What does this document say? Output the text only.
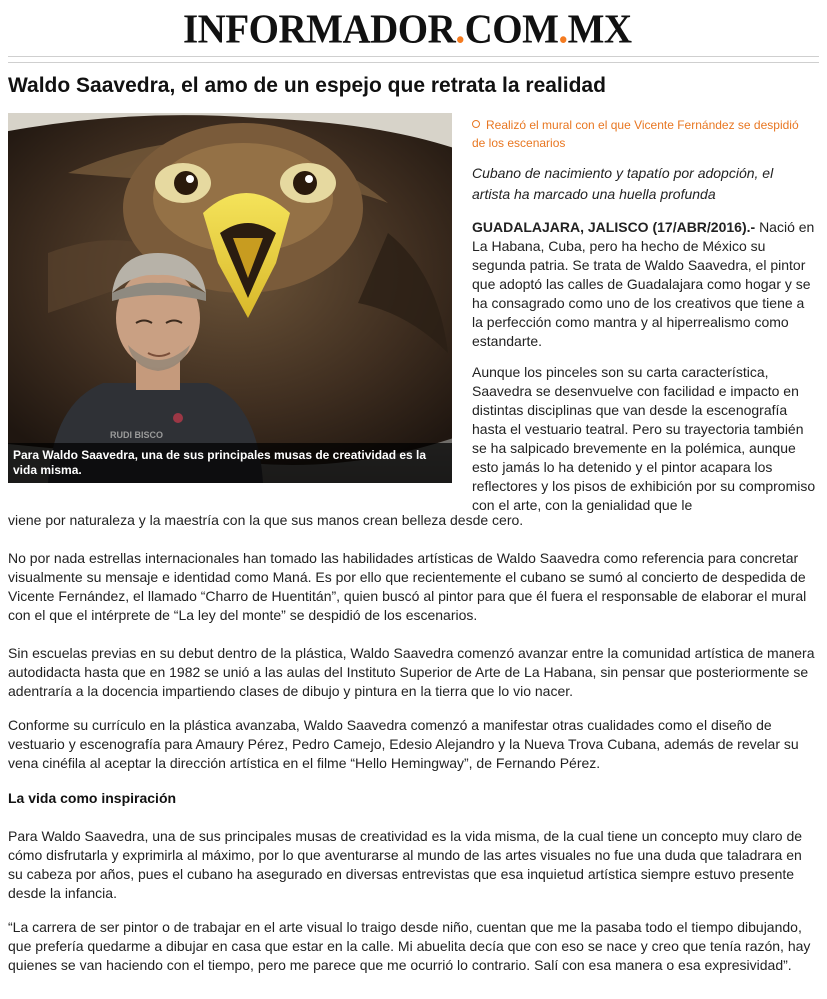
INFORMADOR.COM.MX
Waldo Saavedra, el amo de un espejo que retrata la realidad
RUDI BISCO
Para Waldo Saavedra, una de sus principales musas de creatividad es la vida misma.
Realizó el mural con el que Vicente Fernández se despidió de los escenarios

Cubano de nacimiento y tapatío por adopción, el artista ha marcado una huella profunda

GUADALAJARA, JALISCO (17/ABR/2016).- Nació en La Habana, Cuba, pero ha hecho de México su segunda patria. Se trata de Waldo Saavedra, el pintor que adoptó las calles de Guadalajara como hogar y se ha consagrado como uno de los creativos que tiene a la perfección como mantra y al hiperrealismo como estandarte.

Aunque los pinceles son su carta característica, Saavedra se desenvuelve con facilidad e impacto en distintas disciplinas que van desde la escenografía hasta el vestuario teatral. Pero su trayectoria también se ha salpicado brevemente en la polémica, aunque esto jamás lo ha detenido y el pintor acapara los reflectores y los pisos de exhibición por su compromiso con el arte, con la genialidad que le

viene por naturaleza y la maestría con la que sus manos crean belleza desde cero.

No por nada estrellas internacionales han tomado las habilidades artísticas de Waldo Saavedra como referencia para concretar visualmente su mensaje e identidad como Maná. Es por ello que recientemente el cubano se sumó al concierto de despedida de Vicente Fernández, el llamado “Charro de Huentitán”, quien buscó al pintor para que él fuera el responsable de elaborar el mural con el que el intérprete de “La ley del monte” se despidió de los escenarios.

Sin escuelas previas en su debut dentro de la plástica, Waldo Saavedra comenzó avanzar entre la comunidad artística de manera autodidacta hasta que en 1982 se unió a las aulas del Instituto Superior de Arte de La Habana, sin pensar que posteriormente se adentraría a la docencia impartiendo clases de dibujo y pintura en la tierra que lo vio nacer.

Conforme su currículo en la plástica avanzaba, Waldo Saavedra comenzó a manifestar otras cualidades como el diseño de vestuario y escenografía para Amaury Pérez, Pedro Camejo, Edesio Alejandro y la Nueva Trova Cubana, además de revelar su vena cinéfila al aceptar la dirección artística en el filme “Hello Hemingway”, de Fernando Pérez.

La vida como inspiración

Para Waldo Saavedra, una de sus principales musas de creatividad es la vida misma, de la cual tiene un concepto muy claro de cómo disfrutarla y exprimirla al máximo, por lo que aventurarse al mundo de las artes visuales no fue una duda que taladrara en su cabeza por años, pues el cubano ha asegurado en diversas entrevistas que esa inquietud artística siempre estuvo presente desde la infancia.

“La carrera de ser pintor o de trabajar en el arte visual lo traigo desde niño, cuentan que me la pasaba todo el tiempo dibujando, que prefería quedarme a dibujar en casa que estar en la calle. Mi abuelita decía que con eso se nace y creo que tenía razón, hay quienes se van haciendo con el tiempo, pero me parece que me ocurrió lo contrario. Salí con esa manera o esa expresividad”.
